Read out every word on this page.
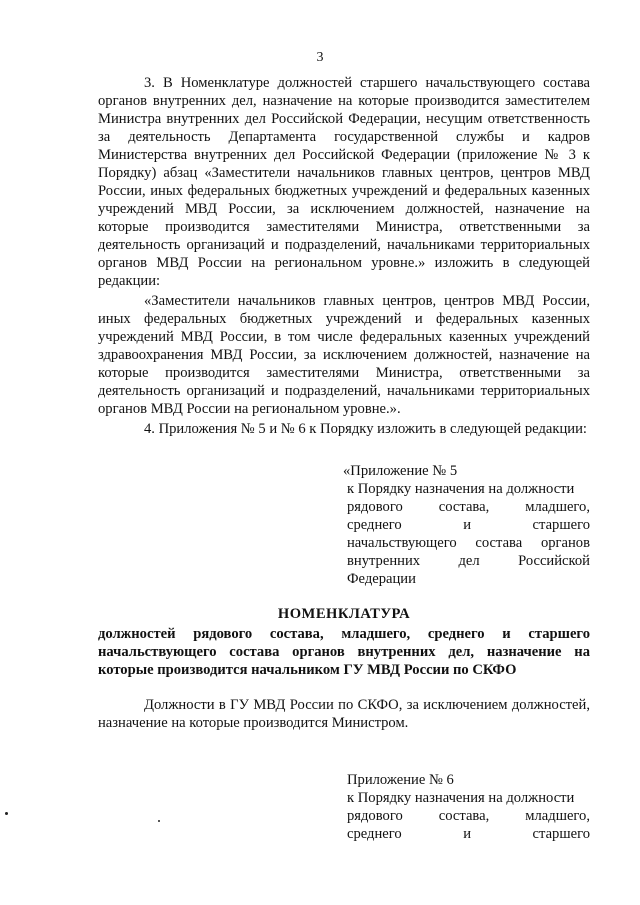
3

3. В Номенклатуре должностей старшего начальствующего состава органов внутренних дел, назначение на которые производится заместителем Министра внутренних дел Российской Федерации, несущим ответственность за деятельность Департамента государственной службы и кадров Министерства внутренних дел Российской Федерации (приложение № 3 к Порядку) абзац «Заместители начальников главных центров, центров МВД России, иных федеральных бюджетных учреждений и федеральных казенных учреждений МВД России, за исключением должностей, назначение на которые производится заместителями Министра, ответственными за деятельность организаций и подразделений, начальниками территориальных органов МВД России на региональном уровне.» изложить в следующей редакции:

«Заместители начальников главных центров, центров МВД России, иных федеральных бюджетных учреждений и федеральных казенных учреждений МВД России, в том числе федеральных казенных учреждений здравоохранения МВД России, за исключением должностей, назначение на которые производится заместителями Министра, ответственными за деятельность организаций и подразделений, начальниками территориальных органов МВД России на региональном уровне.».

4. Приложения № 5 и № 6 к Порядку изложить в следующей редакции:

«Приложение № 5

к Порядку назначения на должности

рядового состава, младшего,

среднего и старшего

начальствующего состава органов

внутренних дел Российской

Федерации

НОМЕНКЛАТУРА

должностей рядового состава, младшего, среднего и старшего начальствующего состава органов внутренних дел, назначение на которые производится начальником ГУ МВД России по СКФО

Должности в ГУ МВД России по СКФО, за исключением должностей, назначение на которые производится Министром.

Приложение № 6

к Порядку назначения на должности

рядового состава, младшего,

среднего и старшего
